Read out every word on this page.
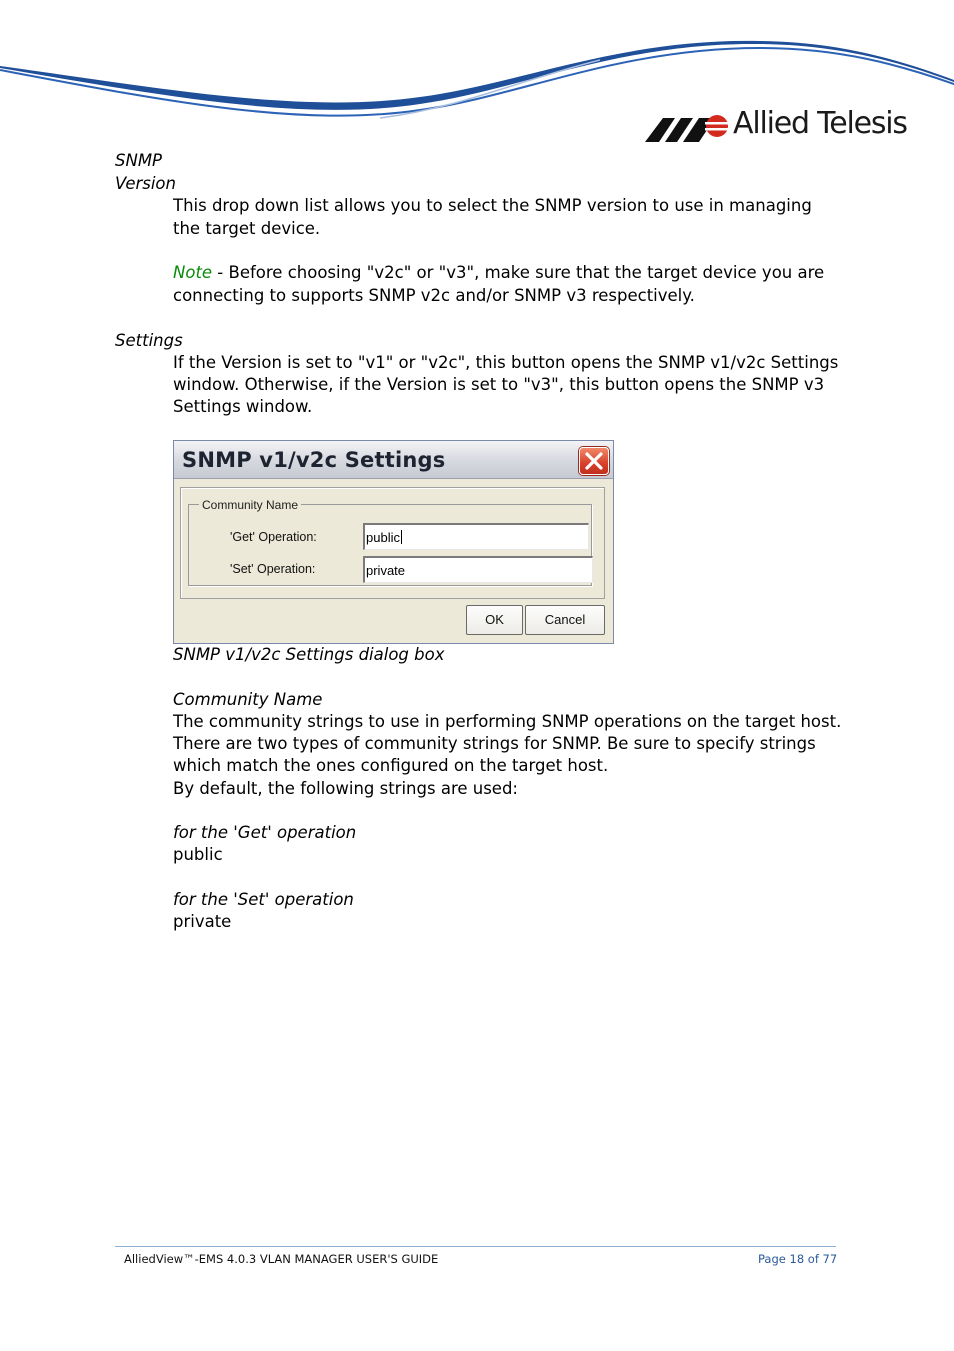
Allied Telesis
SNMP
Version
This drop down list allows you to select the SNMP version to use in managing
the target device.
Note - Before choosing "v2c" or "v3", make sure that the target device you are
connecting to supports SNMP v2c and/or SNMP v3 respectively.
Settings
If the Version is set to "v1" or "v2c", this button opens the SNMP v1/v2c Settings
window. Otherwise, if the Version is set to "v3", this button opens the SNMP v3
Settings window.
SNMP v1/v2c Settings
Community Name
'Get' Operation:	public
'Set' Operation:	private
OK	Cancel
SNMP v1/v2c Settings dialog box
Community Name
The community strings to use in performing SNMP operations on the target host.
There are two types of community strings for SNMP. Be sure to specify strings
which match the ones configured on the target host.
By default, the following strings are used:
for the 'Get' operation
public
for the 'Set' operation
private
AlliedView™-EMS 4.0.3 VLAN MANAGER USER'S GUIDE	Page 18 of 77
